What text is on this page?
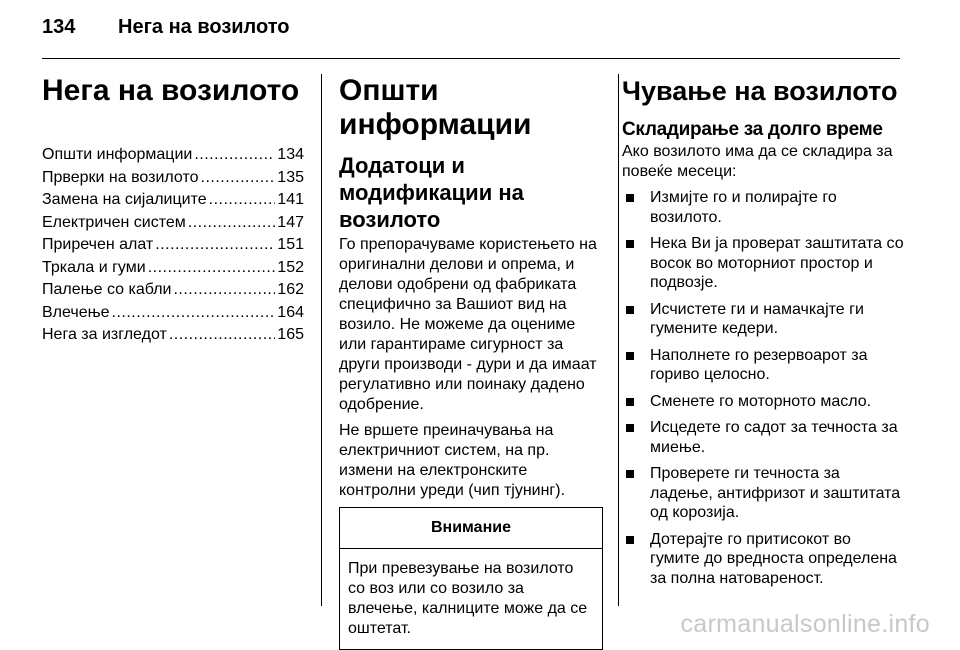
134 Нега на возилото
Нега на возилото
Општи информации .....	134
Прверки на возилото .....	135
Замена на сијалиците .....	141
Електричен систем .....	147
Приречен алат .....	151
Тркала и гуми .....	152
Палење со кабли .....	162
Влечење .....	164
Нега за изгледот .....	165
Општи информации
Додатоци и модификации на возилото

Го препорачуваме користењето на оригинални делови и опрема, и делови одобрени од фабриката специфично за Вашиот вид на возило. Не можеме да оцениме или гарантираме сигурност за други производи - дури и да имаат регулативно или поинаку дадено одобрение.

Не вршете преиначувања на електричниот систем, на пр. измени на електронските контролни уреди (чип тјунинг).

Внимание
При превезување на возилото со воз или со возило за влечење, калниците може да се оштетат.
Чување на возилото
Складирање за долго време

Ако возилото има да се складира за повеќе месеци:

Измијте го и полирајте го возилото.
Нека Ви ја проверат заштитата со восок во моторниот простор и подвозје.
Исчистете ги и намачкајте ги гумените кедери.
Наполнете го резервоарот за гориво целосно.
Сменете го моторното масло.
Исцедете го садот за течноста за миење.
Проверете ги течноста за ладење, антифризот и заштитата од корозија.
Дотерајте го притисокот во гумите до вредноста определена за полна натовареност.
carmanualsonline.info
